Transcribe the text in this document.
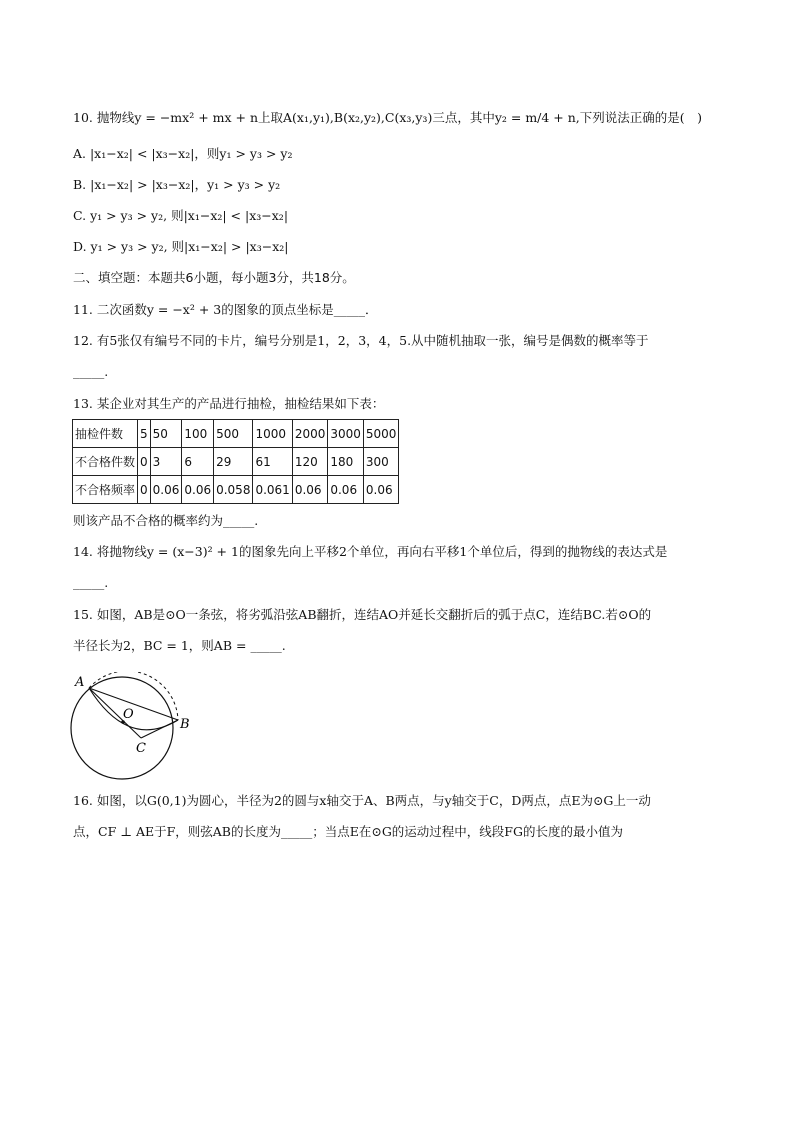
10. 抛物线y = −mx² + mx + n上取A(x₁,y₁),B(x₂,y₂),C(x₃,y₃)三点，其中y₂ = m/4 + n,下列说法正确的是(　)
A. |x₁−x₂| < |x₃−x₂|，则y₁ > y₃ > y₂
B. |x₁−x₂| > |x₃−x₂|，y₁ > y₃ > y₂
C. y₁ > y₃ > y₂, 则|x₁−x₂| < |x₃−x₂|
D. y₁ > y₃ > y₂, 则|x₁−x₂| > |x₃−x₂|
二、填空题：本题共6小题，每小题3分，共18分。
11. 二次函数y = −x² + 3的图象的顶点坐标是_____．
12. 有5张仅有编号不同的卡片，编号分别是1，2，3，4，5.从中随机抽取一张，编号是偶数的概率等于
_____.
13. 某企业对其生产的产品进行抽检，抽检结果如下表：
抽检件数	5	50	100	500	1000	2000	3000	5000
不合格件数	0	3	6	29	61	120	180	300
不合格频率	0	0.06	0.06	0.058	0.061	0.06	0.06	0.06
则该产品不合格的概率约为_____.
14. 将抛物线y = (x−3)² + 1的图象先向上平移2个单位，再向右平移1个单位后，得到的抛物线的表达式是
_____.
15. 如图，AB是⊙O一条弦，将劣弧沿弦AB翻折，连结AO并延长交翻折后的弧于点C，连结BC.若⊙O的
半径长为2，BC = 1，则AB = _____.
A
O
B
C
16. 如图，以G(0,1)为圆心，半径为2的圆与x轴交于A、B两点，与y轴交于C，D两点，点E为⊙G上一动
点，CF ⊥ AE于F，则弦AB的长度为_____；当点E在⊙G的运动过程中，线段FG的长度的最小值为
